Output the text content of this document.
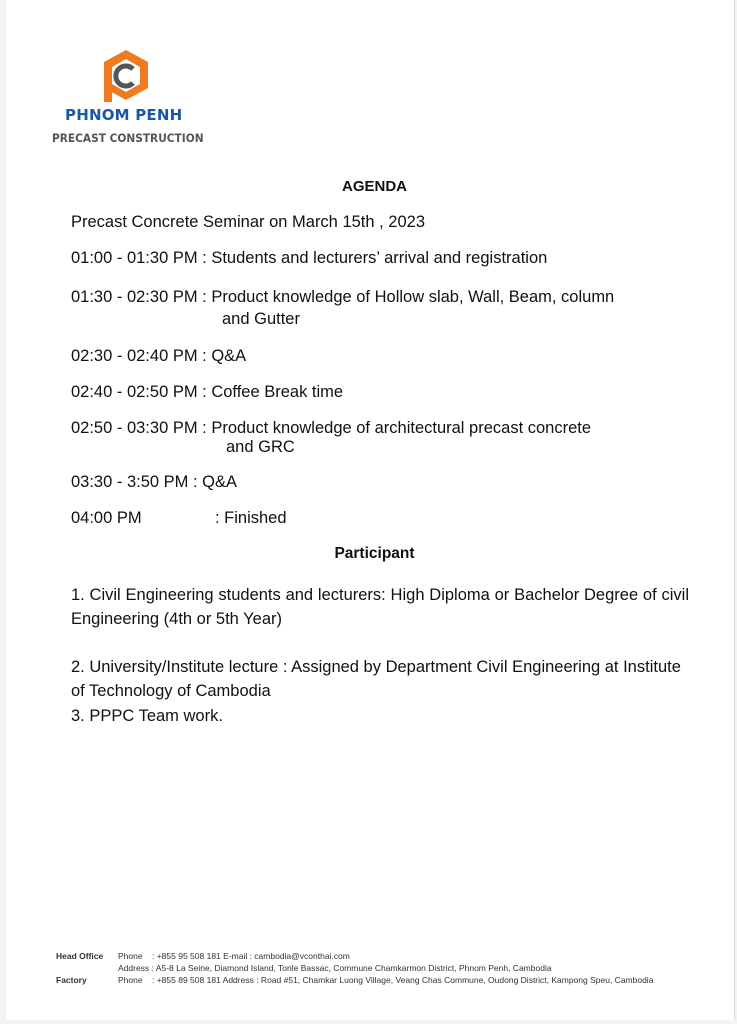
PHNOM PENH
PRECAST CONSTRUCTION
AGENDA
Precast Concrete Seminar on March 15th , 2023
01:00 - 01:30 PM : Students and lecturers’ arrival and registration
01:30 - 02:30 PM : Product knowledge of Hollow slab, Wall, Beam, column
and Gutter
02:30 - 02:40 PM : Q&A
02:40 - 02:50 PM : Coffee Break time
02:50 - 03:30 PM : Product knowledge of architectural precast concrete
and GRC
03:30 - 3:50 PM : Q&A
04:00 PM	: Finished
Participant
1. Civil Engineering students and lecturers: High Diploma or Bachelor Degree of civil Engineering (4th or 5th Year)
2. University/Institute lecture : Assigned by Department Civil Engineering at Institute of Technology of Cambodia
3. PPPC Team work.
Head Office Phone : +855 95 508 181 E-mail : cambodia@vconthai.com
Address : A5-8 La Seine, Diamond Island, Tonle Bassac, Commune Chamkarmon District, Phnom Penh, Cambodia
Factory	Phone : +855 89 508 181 Address : Road #51, Chamkar Luong Village, Veang Chas Commune, Oudong District, Kampong Speu, Cambodia
